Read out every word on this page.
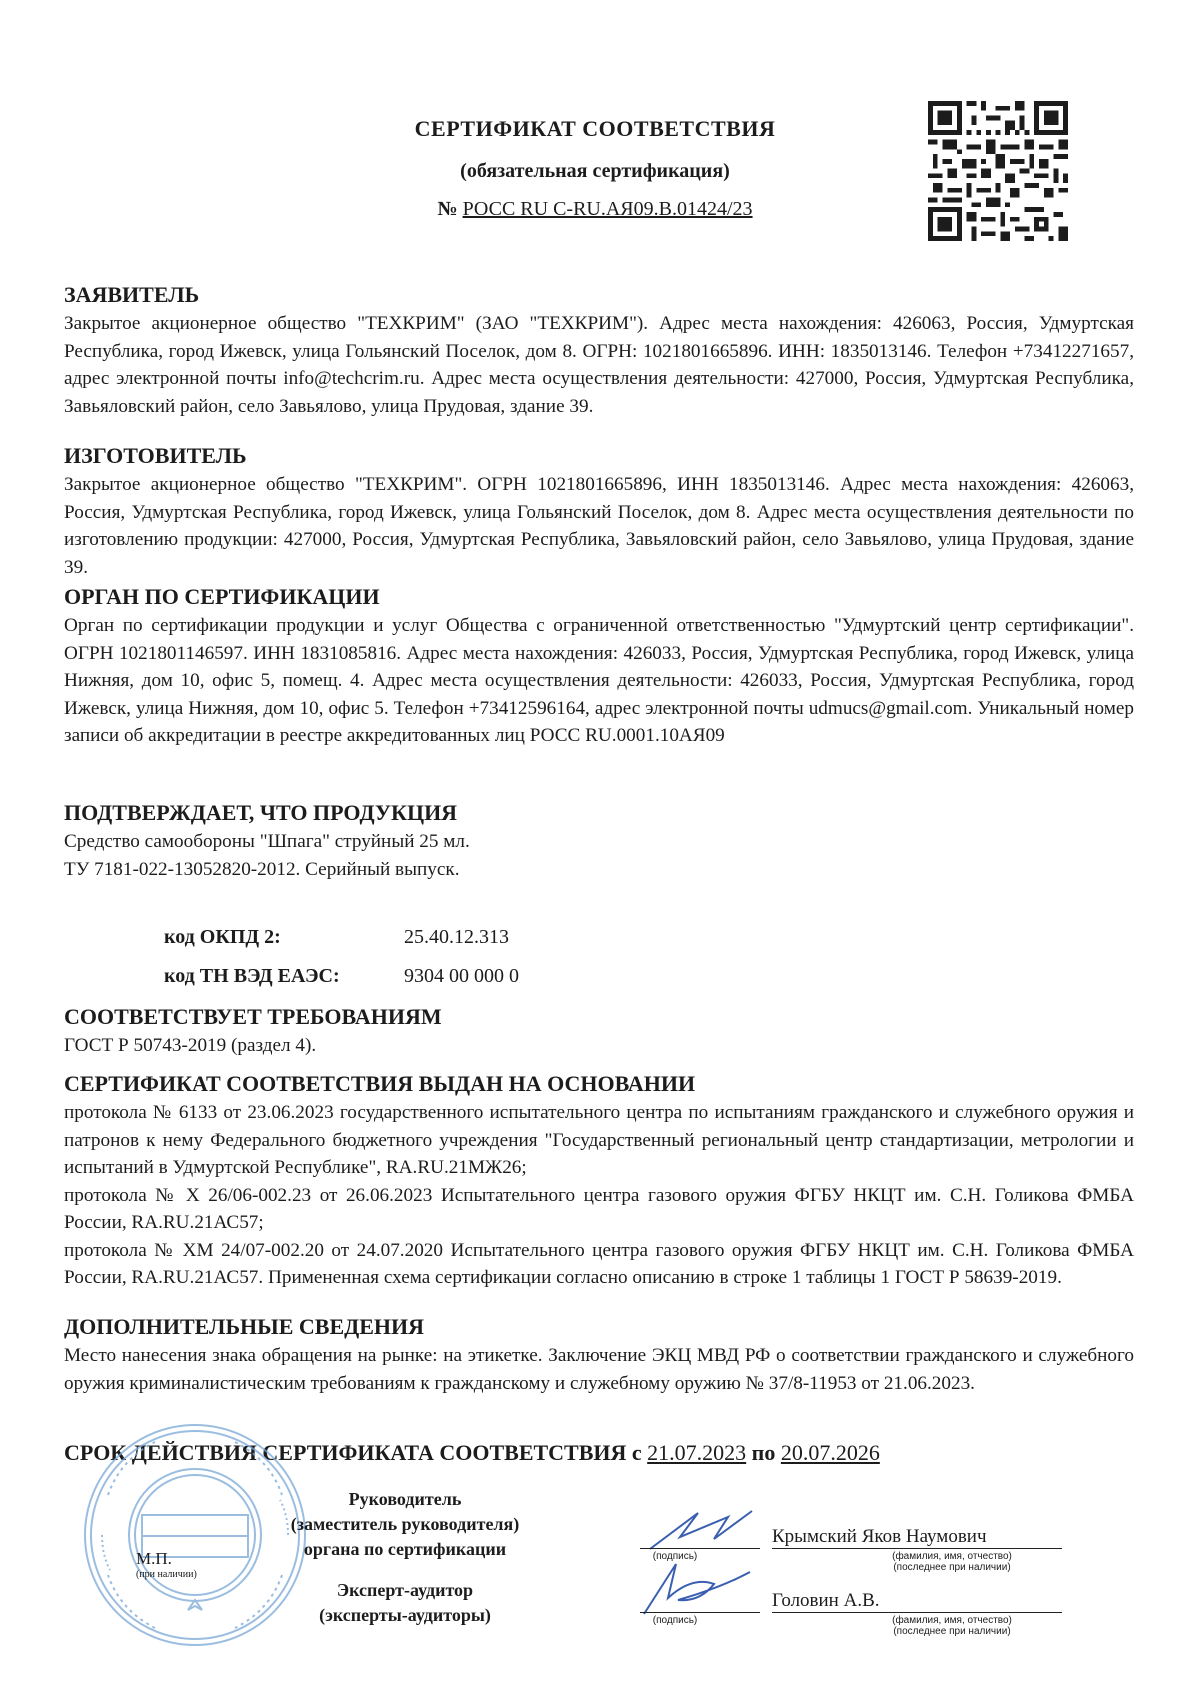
СЕРТИФИКАТ СООТВЕТСТВИЯ
(обязательная сертификация)
№ РОСС RU С-RU.АЯ09.В.01424/23
ЗАЯВИТЕЛЬ
Закрытое акционерное общество "ТЕХКРИМ" (ЗАО "ТЕХКРИМ"). Адрес места нахождения: 426063, Россия, Удмуртская Республика, город Ижевск, улица Гольянский Поселок, дом 8. ОГРН: 1021801665896. ИНН: 1835013146. Телефон +73412271657, адрес электронной почты info@techcrim.ru. Адрес места осуществления деятельности: 427000, Россия, Удмуртская Республика, Завьяловский район, село Завьялово, улица Прудовая, здание 39.
ИЗГОТОВИТЕЛЬ
Закрытое акционерное общество "ТЕХКРИМ". ОГРН 1021801665896, ИНН 1835013146. Адрес места нахождения: 426063, Россия, Удмуртская Республика, город Ижевск, улица Гольянский Поселок, дом 8. Адрес места осуществления деятельности по изготовлению продукции: 427000, Россия, Удмуртская Республика, Завьяловский район, село Завьялово, улица Прудовая, здание 39.
ОРГАН ПО СЕРТИФИКАЦИИ
Орган по сертификации продукции и услуг Общества с ограниченной ответственностью "Удмуртский центр сертификации". ОГРН 1021801146597. ИНН 1831085816. Адрес места нахождения: 426033, Россия, Удмуртская Республика, город Ижевск, улица Нижняя, дом 10, офис 5, помещ. 4. Адрес места осуществления деятельности: 426033, Россия, Удмуртская Республика, город Ижевск, улица Нижняя, дом 10, офис 5. Телефон +73412596164, адрес электронной почты udmucs@gmail.com. Уникальный номер записи об аккредитации в реестре аккредитованных лиц РОСС RU.0001.10АЯ09
ПОДТВЕРЖДАЕТ, ЧТО ПРОДУКЦИЯ
Средство самообороны "Шпага" струйный 25 мл.
ТУ 7181-022-13052820-2012. Серийный выпуск.
код ОКПД 2:	25.40.12.313
код ТН ВЭД ЕАЭС:	9304 00 000 0
СООТВЕТСТВУЕТ ТРЕБОВАНИЯМ
ГОСТ Р 50743-2019 (раздел 4).
СЕРТИФИКАТ СООТВЕТСТВИЯ ВЫДАН НА ОСНОВАНИИ
протокола № 6133 от 23.06.2023 государственного испытательного центра по испытаниям гражданского и служебного оружия и патронов к нему Федерального бюджетного учреждения "Государственный региональный центр стандартизации, метрологии и испытаний в Удмуртской Республике", RA.RU.21МЖ26;
протокола № Х 26/06-002.23 от 26.06.2023 Испытательного центра газового оружия ФГБУ НКЦТ им. С.Н. Голикова ФМБА России, RA.RU.21АС57;
протокола № ХМ 24/07-002.20 от 24.07.2020 Испытательного центра газового оружия ФГБУ НКЦТ им. С.Н. Голикова ФМБА России, RA.RU.21АС57. Примененная схема сертификации согласно описанию в строке 1 таблицы 1 ГОСТ Р 58639-2019.
ДОПОЛНИТЕЛЬНЫЕ СВЕДЕНИЯ
Место нанесения знака обращения на рынке: на этикетке. Заключение ЭКЦ МВД РФ о соответствии гражданского и служебного оружия криминалистическим требованиям к гражданскому и служебному оружию № 37/8-11953 от 21.06.2023.
СРОК ДЕЙСТВИЯ СЕРТИФИКАТА СООТВЕТСТВИЯ с 21.07.2023 по 20.07.2026
Руководитель
(заместитель руководителя)
органа по сертификации
М.П.
(при наличии)
Эксперт-аудитор
(эксперты-аудиторы)
(подпись)
Крымский Яков Наумович
(фамилия, имя, отчество)
(последнее при наличии)
(подпись)
Головин А.В.
(фамилия, имя, отчество)
(последнее при наличии)
